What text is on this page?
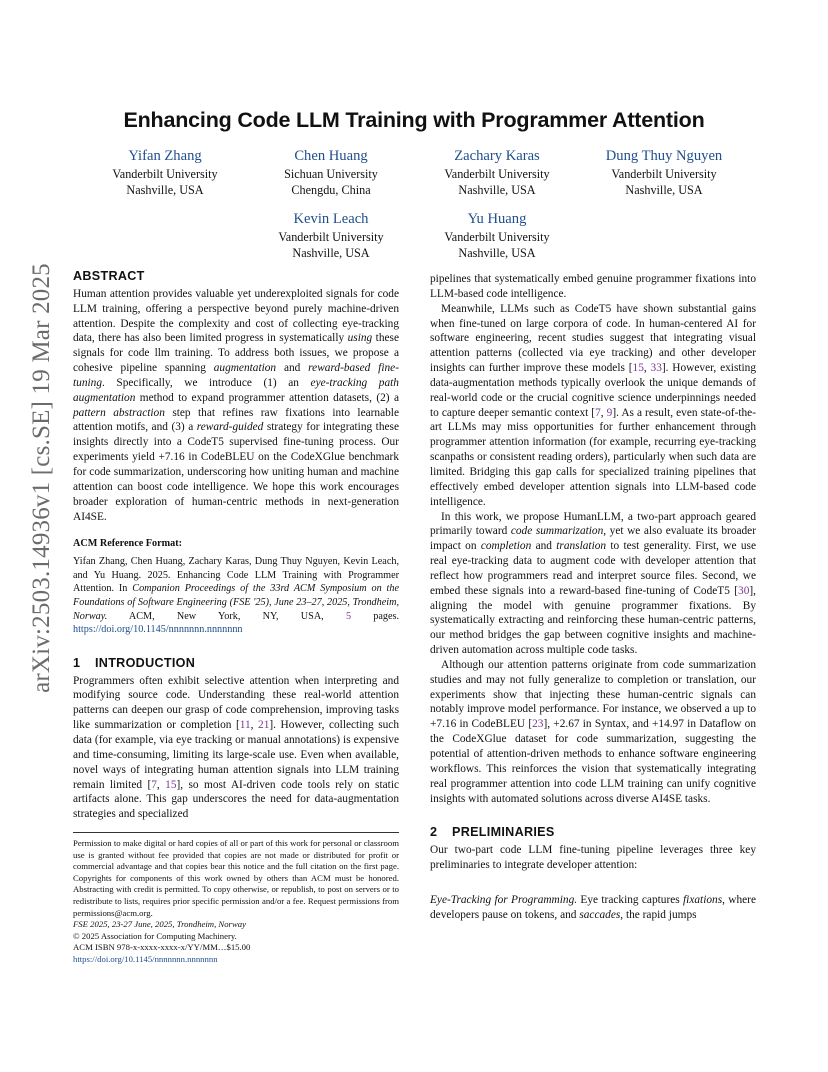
Enhancing Code LLM Training with Programmer Attention
arXiv:2503.14936v1 [cs.SE] 19 Mar 2025
Yifan Zhang
Vanderbilt University
Nashville, USA
Chen Huang
Sichuan University
Chengdu, China
Zachary Karas
Vanderbilt University
Nashville, USA
Dung Thuy Nguyen
Vanderbilt University
Nashville, USA
Kevin Leach
Vanderbilt University
Nashville, USA
Yu Huang
Vanderbilt University
Nashville, USA
ABSTRACT

Human attention provides valuable yet underexploited signals for code LLM training, offering a perspective beyond purely machine-driven attention. Despite the complexity and cost of collecting eye-tracking data, there has also been limited progress in systematically using these signals for code llm training. To address both issues, we propose a cohesive pipeline spanning augmentation and reward-based fine-tuning. Specifically, we introduce (1) an eye-tracking path augmentation method to expand programmer attention datasets, (2) a pattern abstraction step that refines raw fixations into learnable attention motifs, and (3) a reward-guided strategy for integrating these insights directly into a CodeT5 supervised fine-tuning process. Our experiments yield +7.16 in CodeBLEU on the CodeXGlue benchmark for code summarization, underscoring how uniting human and machine attention can boost code intelligence. We hope this work encourages broader exploration of human-centric methods in next-generation AI4SE.

ACM Reference Format:

Yifan Zhang, Chen Huang, Zachary Karas, Dung Thuy Nguyen, Kevin Leach, and Yu Huang. 2025. Enhancing Code LLM Training with Programmer Attention. In Companion Proceedings of the 33rd ACM Symposium on the Foundations of Software Engineering (FSE '25), June 23–27, 2025, Trondheim, Norway. ACM, New York, NY, USA, 5 pages. https://doi.org/10.1145/nnnnnnn.nnnnnnn

1 INTRODUCTION

Programmers often exhibit selective attention when interpreting and modifying source code. Understanding these real-world attention patterns can deepen our grasp of code comprehension, improving tasks like summarization or completion [11, 21]. However, collecting such data (for example, via eye tracking or manual annotations) is expensive and time-consuming, limiting its large-scale use. Even when available, novel ways of integrating human attention signals into LLM training remain limited [7, 15], so most AI-driven code tools rely on static artifacts alone. This gap underscores the need for data-augmentation strategies and specialized

Permission to make digital or hard copies of all or part of this work for personal or classroom use is granted without fee provided that copies are not made or distributed for profit or commercial advantage and that copies bear this notice and the full citation on the first page. Copyrights for components of this work owned by others than ACM must be honored. Abstracting with credit is permitted. To copy otherwise, or republish, to post on servers or to redistribute to lists, requires prior specific permission and/or a fee. Request permissions from permissions@acm.org.

FSE 2025, 23-27 June, 2025, Trondheim, Norway

© 2025 Association for Computing Machinery.

ACM ISBN 978-x-xxxx-xxxx-x/YY/MM…$15.00

https://doi.org/10.1145/nnnnnnn.nnnnnnn

pipelines that systematically embed genuine programmer fixations into LLM-based code intelligence.

Meanwhile, LLMs such as CodeT5 have shown substantial gains when fine-tuned on large corpora of code. In human-centered AI for software engineering, recent studies suggest that integrating visual attention patterns (collected via eye tracking) and other developer insights can further improve these models [15, 33]. However, existing data-augmentation methods typically overlook the unique demands of real-world code or the crucial cognitive science underpinnings needed to capture deeper semantic context [7, 9]. As a result, even state-of-the-art LLMs may miss opportunities for further enhancement through programmer attention information (for example, recurring eye-tracking scanpaths or consistent reading orders), particularly when such data are limited. Bridging this gap calls for specialized training pipelines that effectively embed developer attention signals into LLM-based code intelligence.

In this work, we propose HumanLLM, a two-part approach geared primarily toward code summarization, yet we also evaluate its broader impact on completion and translation to test generality. First, we use real eye-tracking data to augment code with developer attention that reflect how programmers read and interpret source files. Second, we embed these signals into a reward-based fine-tuning of CodeT5 [30], aligning the model with genuine programmer fixations. By systematically extracting and reinforcing these human-centric patterns, our method bridges the gap between cognitive insights and machine-driven automation across multiple code tasks.

Although our attention patterns originate from code summarization studies and may not fully generalize to completion or translation, our experiments show that injecting these human-centric signals can notably improve model performance. For instance, we observed a up to +7.16 in CodeBLEU [23], +2.67 in Syntax, and +14.97 in Dataflow on the CodeXGlue dataset for code summarization, suggesting the potential of attention-driven methods to enhance software engineering workflows. This reinforces the vision that systematically integrating real programmer attention into code LLM training can unify cognitive insights with automated solutions across diverse AI4SE tasks.

2 PRELIMINARIES

Our two-part code LLM fine-tuning pipeline leverages three key preliminaries to integrate developer attention:

Eye-Tracking for Programming. Eye tracking captures fixations, where developers pause on tokens, and saccades, the rapid jumps
